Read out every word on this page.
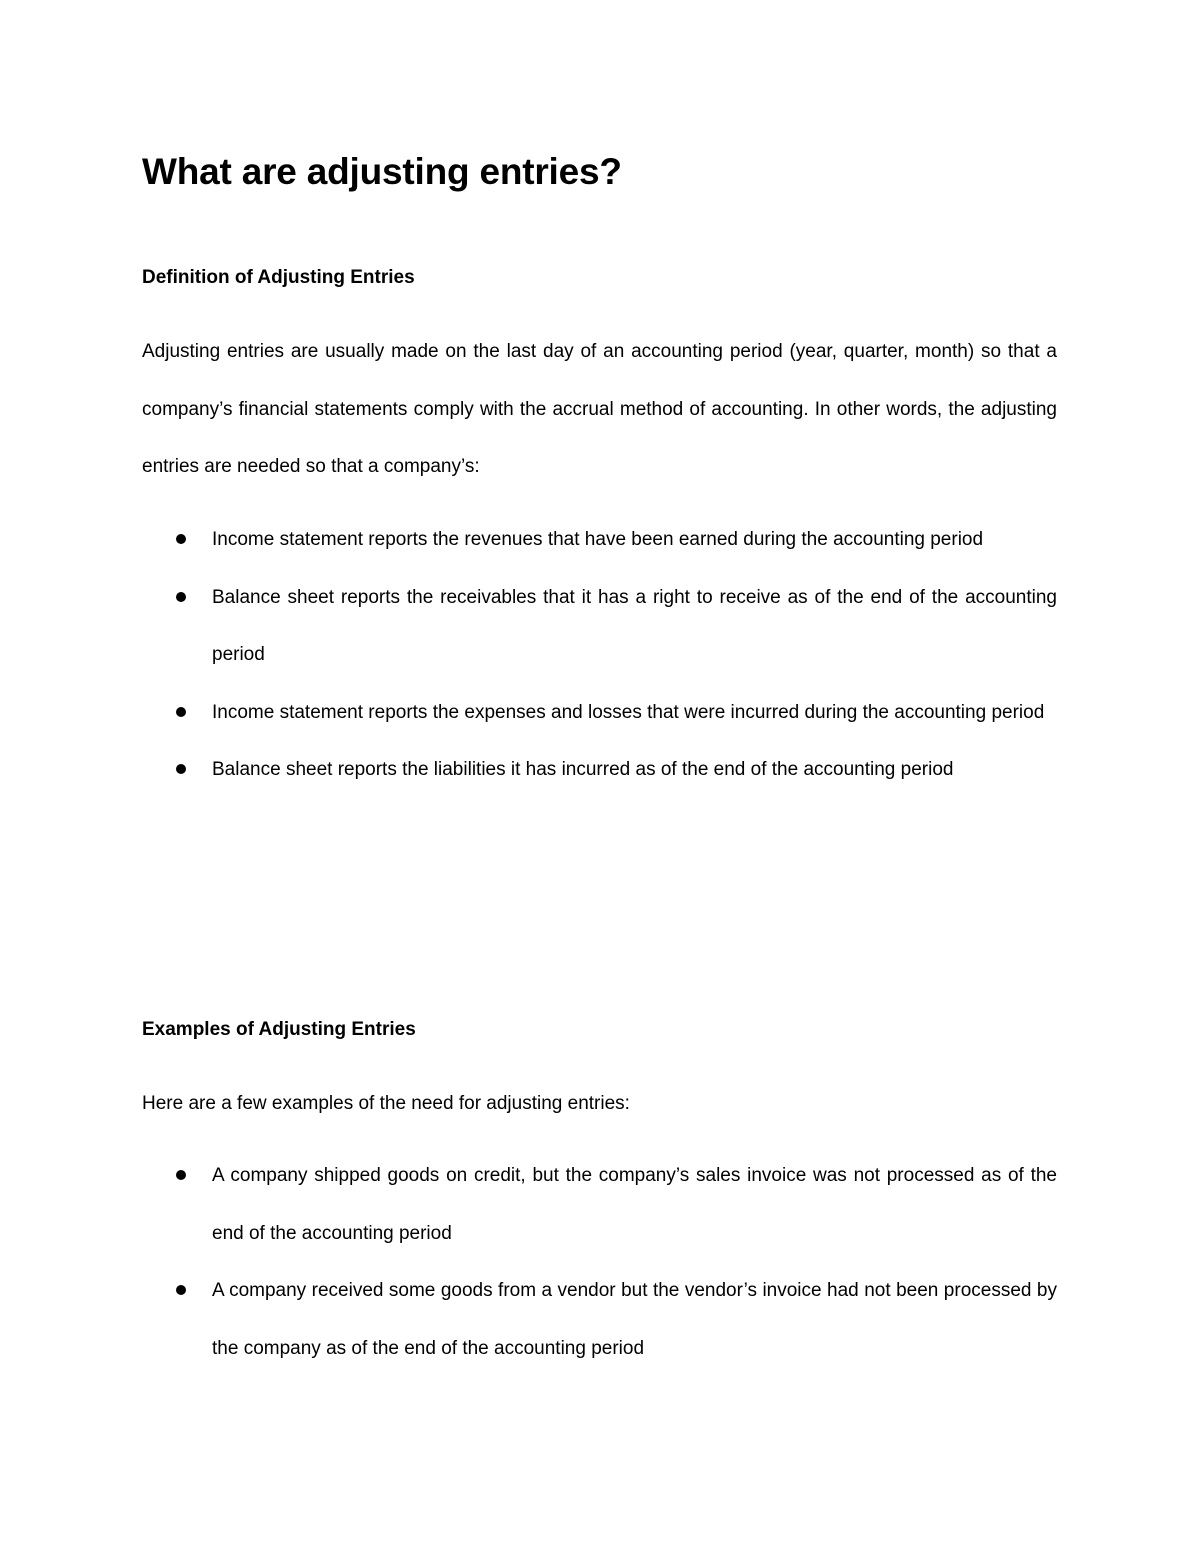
What are adjusting entries?
Definition of Adjusting Entries

Adjusting entries are usually made on the last day of an accounting period (year, quarter, month) so that a company’s financial statements comply with the accrual method of accounting. In other words, the adjusting entries are needed so that a company’s:

Income statement reports the revenues that have been earned during the accounting period
Balance sheet reports the receivables that it has a right to receive as of the end of the accounting period
Income statement reports the expenses and losses that were incurred during the accounting period
Balance sheet reports the liabilities it has incurred as of the end of the accounting period
Examples of Adjusting Entries

Here are a few examples of the need for adjusting entries:

A company shipped goods on credit, but the company’s sales invoice was not processed as of the end of the accounting period
A company received some goods from a vendor but the vendor’s invoice had not been processed by the company as of the end of the accounting period
